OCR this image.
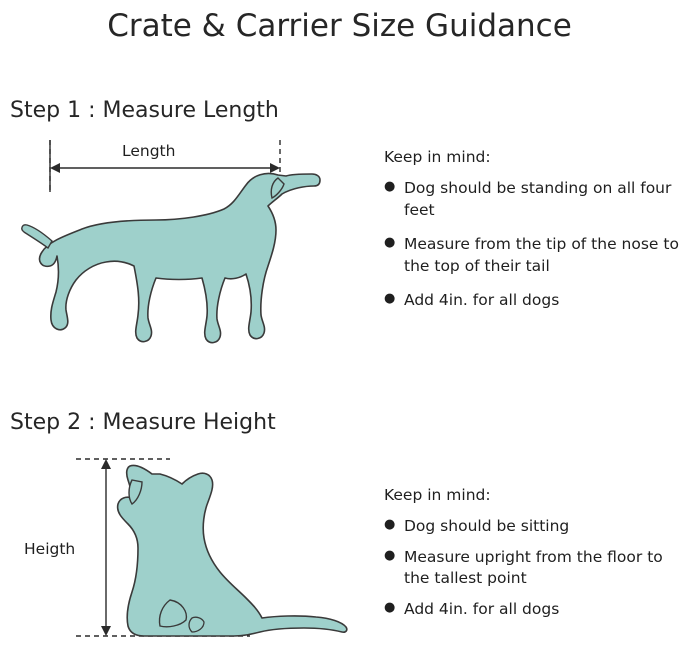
Crate & Carrier Size Guidance
Step 1 : Measure Length
Length	Keep in mind:

● Dog should be standing on all four feet
● Measure from the tip of the nose to the top of their tail
● Add 4in. for all dogs
Step 2 : Measure Height
Heigth

Keep in mind:

● Dog should be sitting
● Measure upright from the floor to the tallest point
● Add 4in. for all dogs
